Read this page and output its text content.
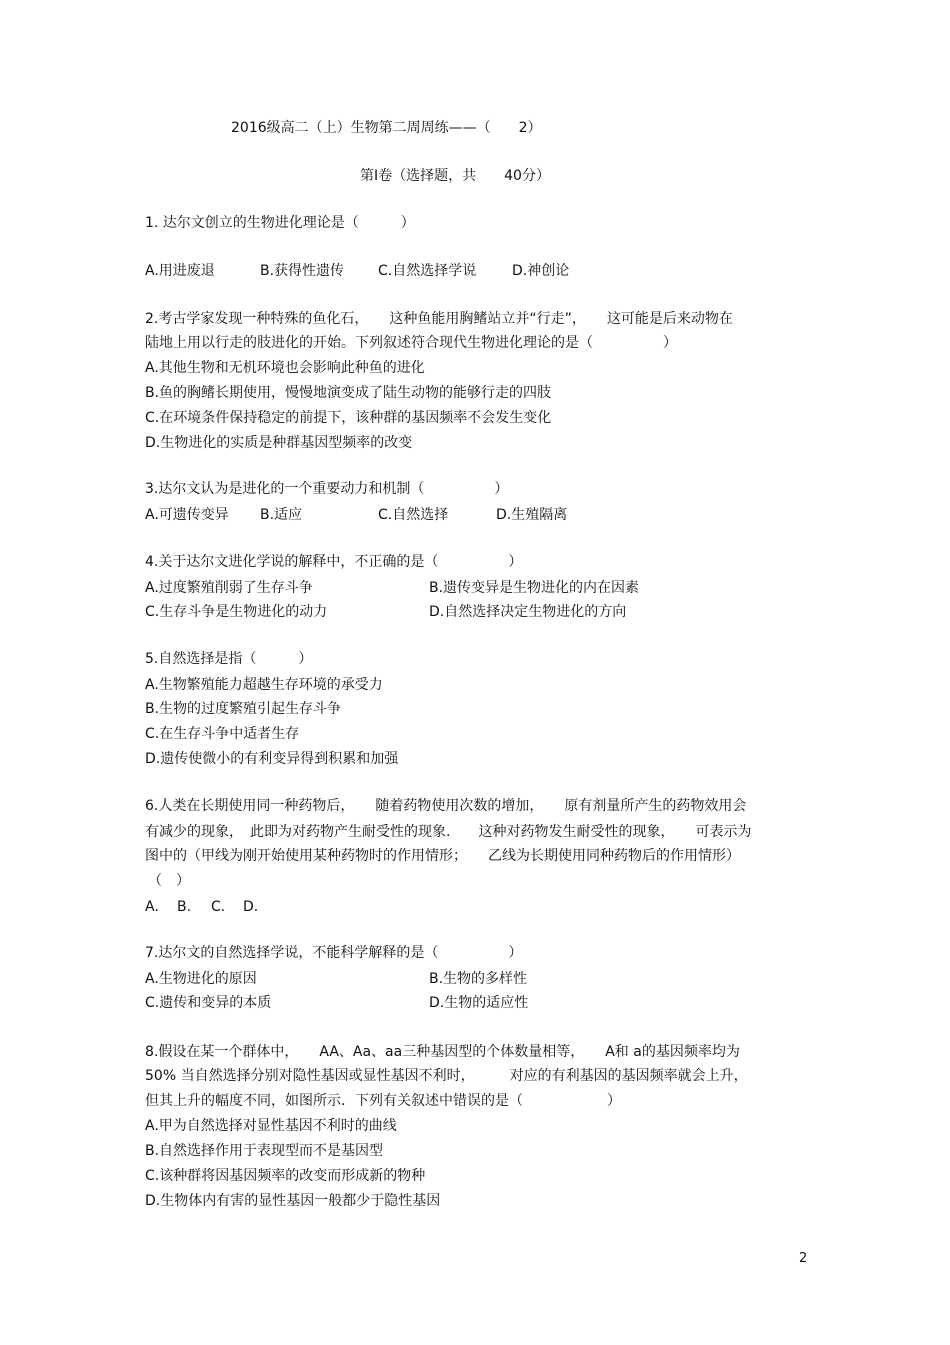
2016级高二（上）生物第二周周练——（　　2）
第Ⅰ卷（选择题，共　　40分）
1. 达尔文创立的生物进化理论是（　　　）
A.用进废退	B.获得性遗传 C.自然选择学说	D.神创论
2.考古学家发现一种特殊的鱼化石，　　这种鱼能用胸鳍站立并“行走”，　　这可能是后来动物在
陆地上用以行走的肢进化的开始。下列叙述符合现代生物进化理论的是（　　　　　）
A.其他生物和无机环境也会影响此种鱼的进化
B.鱼的胸鳍长期使用，慢慢地演变成了陆生动物的能够行走的四肢
C.在环境条件保持稳定的前提下，该种群的基因频率不会发生变化
D.生物进化的实质是种群基因型频率的改变
3.达尔文认为是进化的一个重要动力和机制（　　　　　）
A.可遗传变异 B.适应	C.自然选择	D.生殖隔离
4.关于达尔文进化学说的解释中，不正确的是（　　　　　）
A.过度繁殖削弱了生存斗争	B.遗传变异是生物进化的内在因素
C.生存斗争是生物进化的动力	D.自然选择决定生物进化的方向
5.自然选择是指（　　　）
A.生物繁殖能力超越生存环境的承受力
B.生物的过度繁殖引起生存斗争
C.在生存斗争中适者生存
D.遗传使微小的有利变异得到积累和加强
6.人类在长期使用同一种药物后，　　随着药物使用次数的增加，　　原有剂量所产生的药物效用会
有减少的现象，　此即为对药物产生耐受性的现象.　　这种对药物发生耐受性的现象，　　可表示为
图中的（甲线为刚开始使用某种药物时的作用情形；　　乙线为长期使用同种药物后的作用情形）
（　）
A. B. C. D.
7.达尔文的自然选择学说，不能科学解释的是（　　　　　）
A.生物进化的原因	B.生物的多样性
C.遗传和变异的本质	D.生物的适应性
8.假设在某一个群体中，　　AA、Aa、aa三种基因型的个体数量相等，　　A和 a的基因频率均为
50% 当自然选择分别对隐性基因或显性基因不利时，　　　对应的有利基因的基因频率就会上升，
但其上升的幅度不同，如图所示．下列有关叙述中错误的是（　　　　　　）
A.甲为自然选择对显性基因不利时的曲线
B.自然选择作用于表现型而不是基因型
C.该种群将因基因频率的改变而形成新的物种
D.生物体内有害的显性基因一般都少于隐性基因
2
